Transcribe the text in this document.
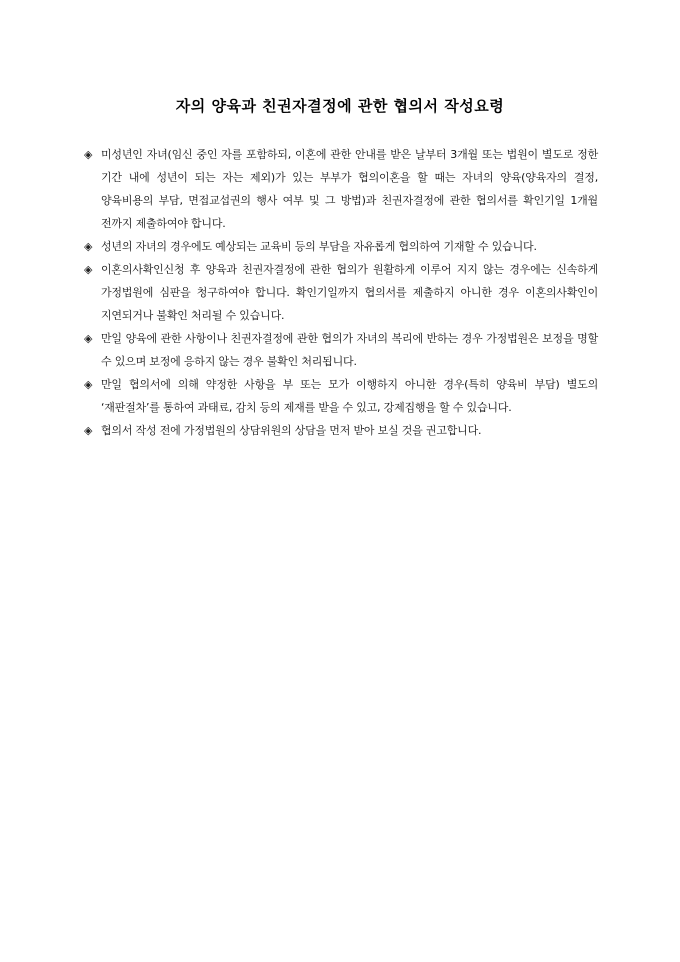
자의 양육과 친권자결정에 관한 협의서 작성요령
◈ 미성년인 자녀(임신 중인 자를 포함하되, 이혼에 관한 안내를 받은 날부터 3개월 또는 법원이 별도로 정한 기간 내에 성년이 되는 자는 제외)가 있는 부부가 협의이혼을 할 때는 자녀의 양육(양육자의 결정, 양육비용의 부담, 면접교섭권의 행사 여부 및 그 방법)과 친권자결정에 관한 협의서를 확인기일 1개월 전까지 제출하여야 합니다.
◈ 성년의 자녀의 경우에도 예상되는 교육비 등의 부담을 자유롭게 협의하여 기재할 수 있습니다.
◈ 이혼의사확인신청 후 양육과 친권자결정에 관한 협의가 원활하게 이루어 지지 않는 경우에는 신속하게 가정법원에 심판을 청구하여야 합니다. 확인기일까지 협의서를 제출하지 아니한 경우 이혼의사확인이 지연되거나 불확인 처리될 수 있습니다.
◈ 만일 양육에 관한 사항이나 친권자결정에 관한 협의가 자녀의 복리에 반하는 경우 가정법원은 보정을 명할 수 있으며 보정에 응하지 않는 경우 불확인 처리됩니다.
◈ 만일 협의서에 의해 약정한 사항을 부 또는 모가 이행하지 아니한 경우(특히 양육비 부담) 별도의 ‘재판절차’를 통하여 과태료, 감치 등의 제재를 받을 수 있고, 강제집행을 할 수 있습니다.
◈ 협의서 작성 전에 가정법원의 상담위원의 상담을 먼저 받아 보실 것을 권고합니다.
